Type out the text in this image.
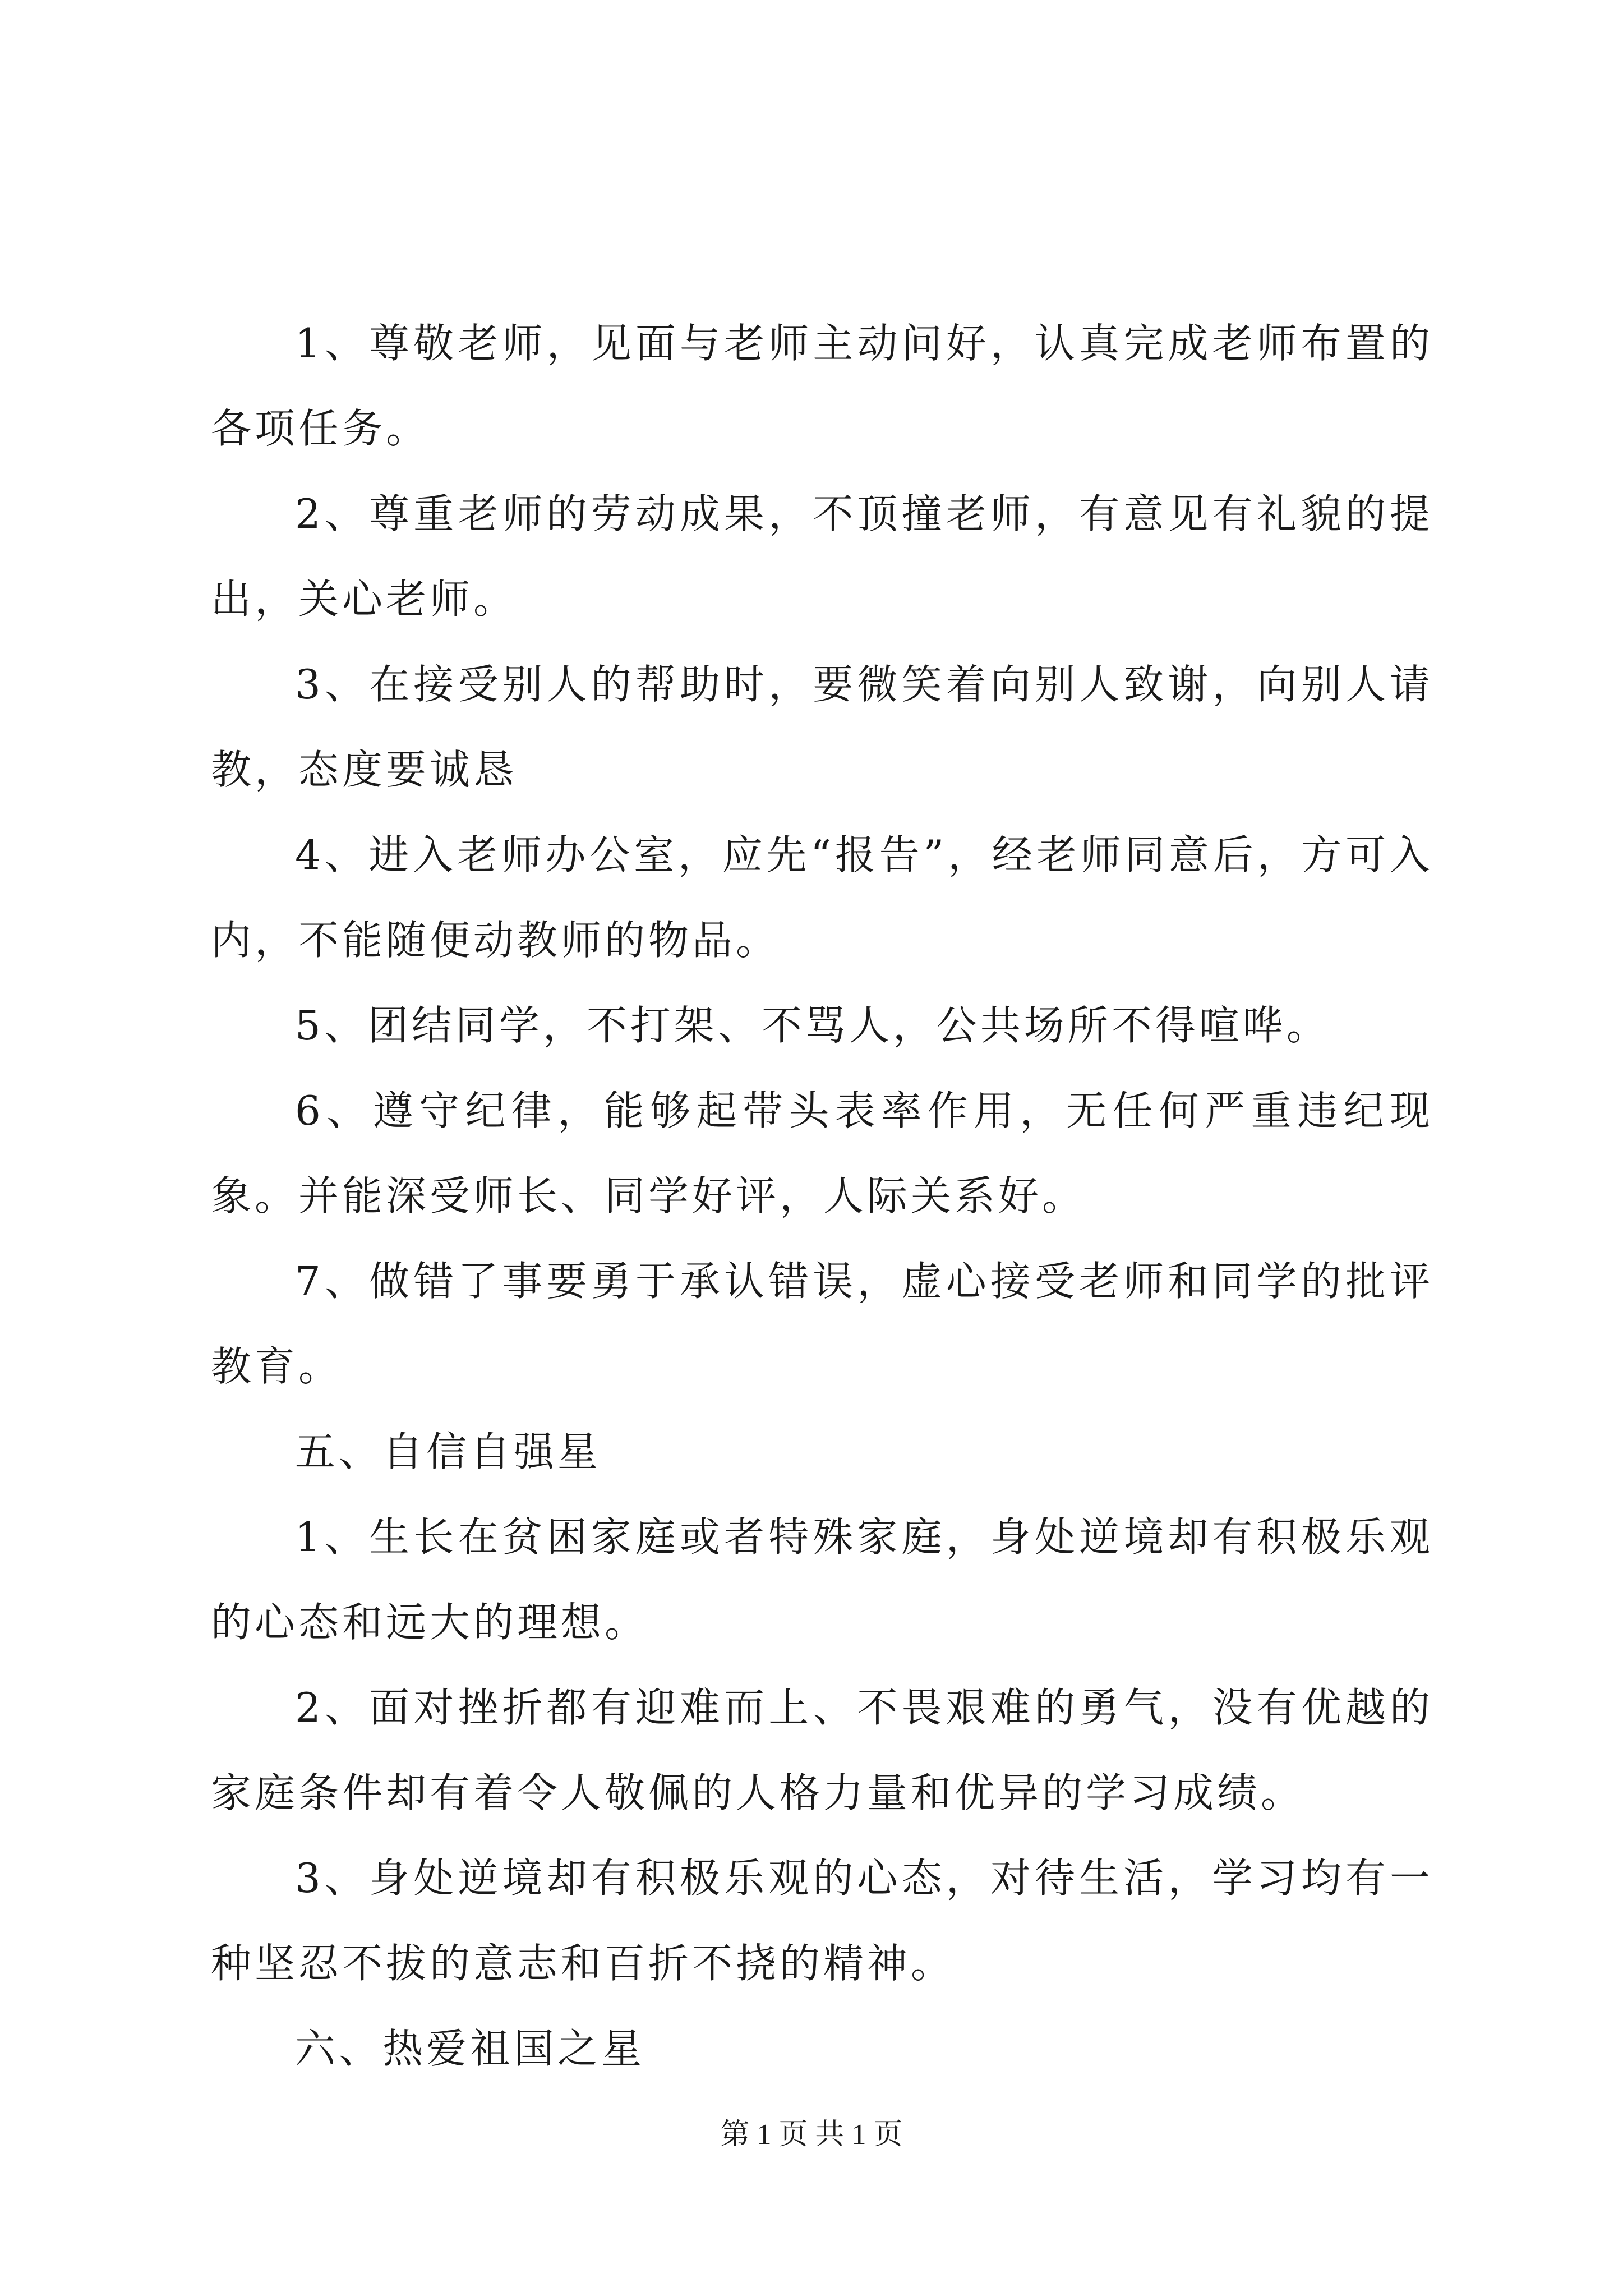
1、尊敬老师，见面与老师主动问好，认真完成老师布置的各项任务。

2、尊重老师的劳动成果，不顶撞老师，有意见有礼貌的提出，关心老师。

3、在接受别人的帮助时，要微笑着向别人致谢，向别人请教，态度要诚恳

4、进入老师办公室，应先“报告”，经老师同意后，方可入内，不能随便动教师的物品。

5、团结同学，不打架、不骂人，公共场所不得喧哗。

6、遵守纪律，能够起带头表率作用，无任何严重违纪现象。并能深受师长、同学好评，人际关系好。

7、做错了事要勇于承认错误，虚心接受老师和同学的批评教育。

五、自信自强星

1、生长在贫困家庭或者特殊家庭，身处逆境却有积极乐观的心态和远大的理想。

2、面对挫折都有迎难而上、不畏艰难的勇气，没有优越的家庭条件却有着令人敬佩的人格力量和优异的学习成绩。

3、身处逆境却有积极乐观的心态，对待生活，学习均有一种坚忍不拔的意志和百折不挠的精神。

六、热爱祖国之星

第 1 页 共 1 页
